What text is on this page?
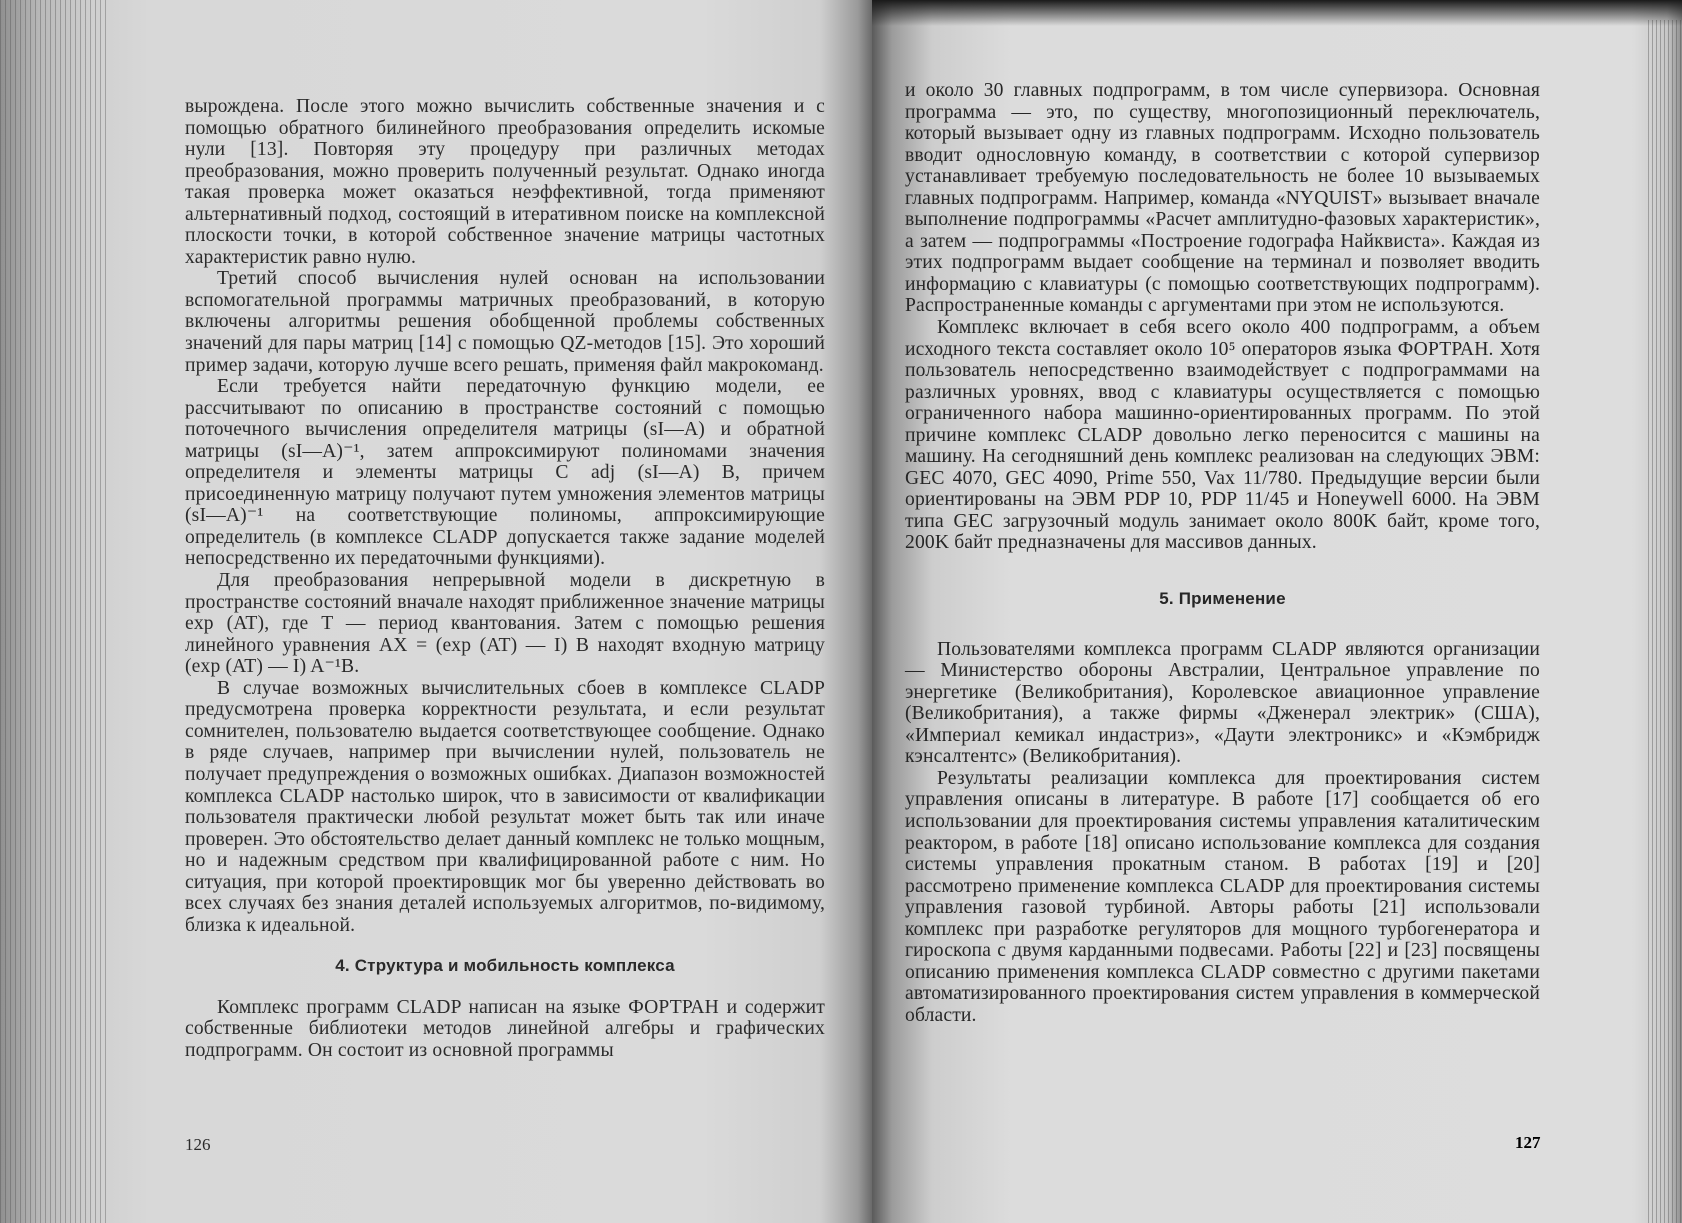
вырождена. После этого можно вычислить собственные значения и с помощью обратного билинейного преобразования определить искомые нули [13]. Повторяя эту процедуру при различных методах преобразования, можно проверить полученный результат. Однако иногда такая проверка может оказаться неэффективной, тогда применяют альтернативный подход, состоящий в итеративном поиске на комплексной плоскости точки, в которой собственное значение матрицы частотных характеристик равно нулю.

Третий способ вычисления нулей основан на использовании вспомогательной программы матричных преобразований, в которую включены алгоритмы решения обобщенной проблемы собственных значений для пары матриц [14] с помощью QZ-методов [15]. Это хороший пример задачи, которую лучше всего решать, применяя файл макрокоманд.

Если требуется найти передаточную функцию модели, ее рассчитывают по описанию в пространстве состояний с помощью поточечного вычисления определителя матрицы (sI—A) и обратной матрицы (sI—A)⁻¹, затем аппроксимируют полиномами значения определителя и элементы матрицы C adj (sI—A) B, причем присоединенную матрицу получают путем умножения элементов матрицы (sI—A)⁻¹ на соответствующие полиномы, аппроксимирующие определитель (в комплексе CLADP допускается также задание моделей непосредственно их передаточными функциями).

Для преобразования непрерывной модели в дискретную в пространстве состояний вначале находят приближенное значение матрицы exp (AT), где T — период квантования. Затем с помощью решения линейного уравнения AX = (exp (AT) — I) B находят входную матрицу (exp (AT) — I) A⁻¹B.

В случае возможных вычислительных сбоев в комплексе CLADP предусмотрена проверка корректности результата, и если результат сомнителен, пользователю выдается соответствующее сообщение. Однако в ряде случаев, например при вычислении нулей, пользователь не получает предупреждения о возможных ошибках. Диапазон возможностей комплекса CLADP настолько широк, что в зависимости от квалификации пользователя практически любой результат может быть так или иначе проверен. Это обстоятельство делает данный комплекс не только мощным, но и надежным средством при квалифицированной работе с ним. Но ситуация, при которой проектировщик мог бы уверенно действовать во всех случаях без знания деталей используемых алгоритмов, по-видимому, близка к идеальной.

4. Структура и мобильность комплекса

Комплекс программ CLADP написан на языке ФОРТРАН и содержит собственные библиотеки методов линейной алгебры и графических подпрограмм. Он состоит из основной программы

126

и около 30 главных подпрограмм, в том числе супервизора. Основная программа — это, по существу, многопозиционный переключатель, который вызывает одну из главных подпрограмм. Исходно пользователь вводит однословную команду, в соответствии с которой супервизор устанавливает требуемую последовательность не более 10 вызываемых главных подпрограмм. Например, команда «NYQUIST» вызывает вначале выполнение подпрограммы «Расчет амплитудно-фазовых характеристик», а затем — подпрограммы «Построение годографа Найквиста». Каждая из этих подпрограмм выдает сообщение на терминал и позволяет вводить информацию с клавиатуры (с помощью соответствующих подпрограмм). Распространенные команды с аргументами при этом не используются.

Комплекс включает в себя всего около 400 подпрограмм, а объем исходного текста составляет около 10⁵ операторов языка ФОРТРАН. Хотя пользователь непосредственно взаимодействует с подпрограммами на различных уровнях, ввод с клавиатуры осуществляется с помощью ограниченного набора машинно-ориентированных программ. По этой причине комплекс CLADP довольно легко переносится с машины на машину. На сегодняшний день комплекс реализован на следующих ЭВМ: GEC 4070, GEC 4090, Prime 550, Vax 11/780. Предыдущие версии были ориентированы на ЭВМ PDP 10, PDP 11/45 и Honeywell 6000. На ЭВМ типа GEC загрузочный модуль занимает около 800K байт, кроме того, 200K байт предназначены для массивов данных.

5. Применение

Пользователями комплекса программ CLADP являются организации — Министерство обороны Австралии, Центральное управление по энергетике (Великобритания), Королевское авиационное управление (Великобритания), а также фирмы «Дженерал электрик» (США), «Империал кемикал индастриз», «Даути электроникс» и «Кэмбридж кэнсалтентс» (Великобритания).

Результаты реализации комплекса для проектирования систем управления описаны в литературе. В работе [17] сообщается об его использовании для проектирования системы управления каталитическим реактором, в работе [18] описано использование комплекса для создания системы управления прокатным станом. В работах [19] и [20] рассмотрено применение комплекса CLADP для проектирования системы управления газовой турбиной. Авторы работы [21] использовали комплекс при разработке регуляторов для мощного турбогенератора и гироскопа с двумя карданными подвесами. Работы [22] и [23] посвящены описанию применения комплекса CLADP совместно с другими пакетами автоматизированного проектирования систем управления в коммерческой области.

127
